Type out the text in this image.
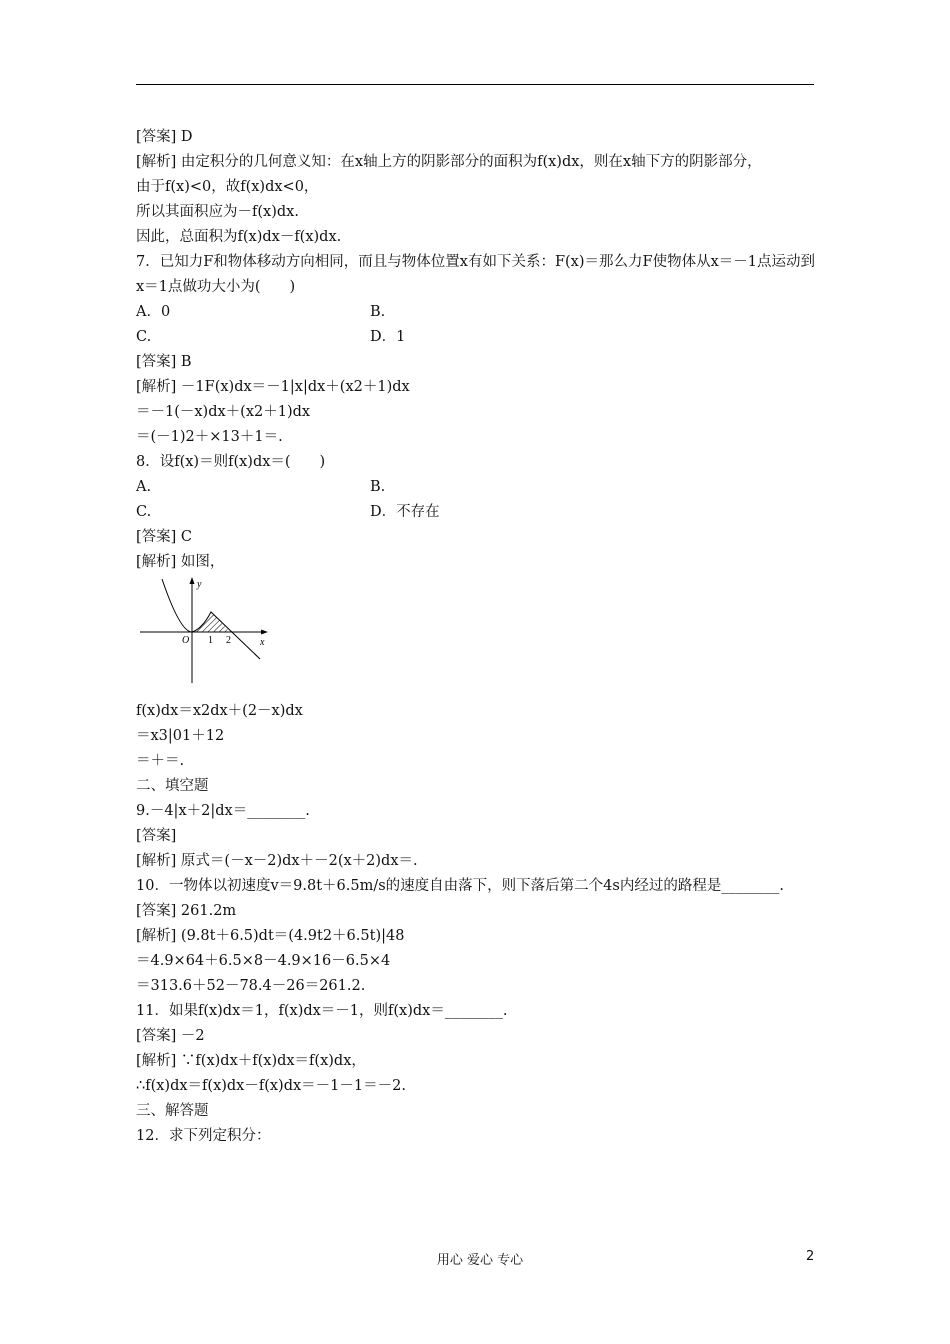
[答案] D
[解析] 由定积分的几何意义知：在x轴上方的阴影部分的面积为f(x)dx，则在x轴下方的阴影部分，
由于f(x)<0，故f(x)dx<0，
所以其面积应为－f(x)dx.
因此，总面积为f(x)dx－f(x)dx.
7．已知力F和物体移动方向相同，而且与物体位置x有如下关系：F(x)＝那么力F使物体从x＝－1点运动到x＝1点做功大小为(　　)
A．0	B.
C.	D．1
[答案] B
[解析] －1F(x)dx＝－1|x|dx＋(x2＋1)dx
＝－1(－x)dx＋(x2＋1)dx
＝(－1)2＋×13＋1＝.
8．设f(x)＝则f(x)dx＝(　　)
A.	B.
C.	D．不存在
[答案] C
[解析] 如图，
y
x
O 1 2
f(x)dx＝x2dx＋(2－x)dx
＝x3|01＋12
＝＋＝.
二、填空题
9.－4|x＋2|dx＝________.
[答案]
[解析] 原式＝(－x－2)dx＋－2(x＋2)dx＝.
10．一物体以初速度v＝9.8t＋6.5m/s的速度自由落下，则下落后第二个4s内经过的路程是________.
[答案] 261.2m
[解析] (9.8t＋6.5)dt＝(4.9t2＋6.5t)|48
＝4.9×64＋6.5×8－4.9×16－6.5×4
＝313.6＋52－78.4－26＝261.2.
11．如果f(x)dx＝1，f(x)dx＝－1，则f(x)dx＝________.
[答案] －2
[解析] ∵f(x)dx＋f(x)dx＝f(x)dx，
∴f(x)dx＝f(x)dx－f(x)dx＝－1－1＝－2.
三、解答题
12．求下列定积分：
用心 爱心 专心	2
